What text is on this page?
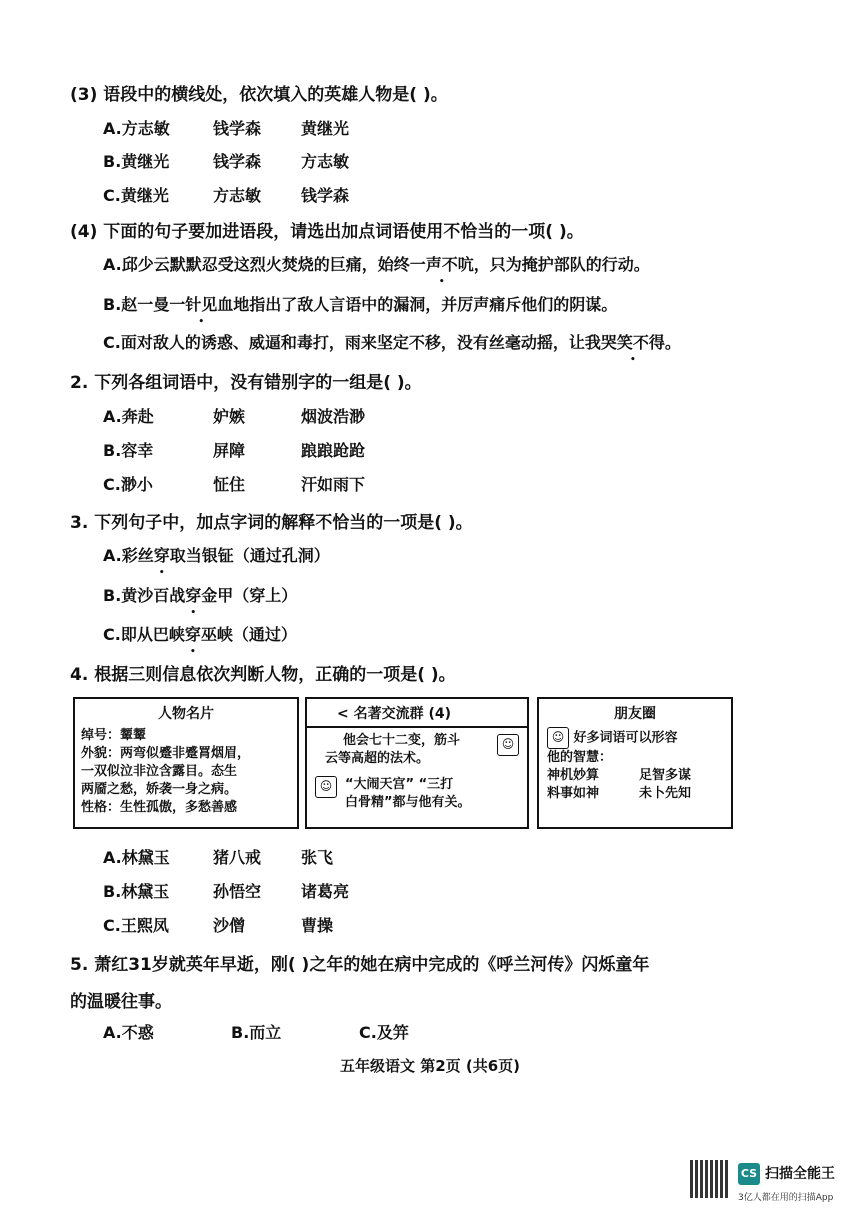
(3) 语段中的横线处，依次填入的英雄人物是( )。
A.方志敏	钱学森 黄继光
B.黄继光	钱学森 方志敏
C.黄继光	方志敏 钱学森
(4) 下面的句子要加进语段，请选出加点词语使用不恰当的一项( )。
A.邱少云默默忍受这烈火焚烧的巨痛，始终一声不吭，只为掩护部队的行动。
B.赵一曼一针见血地指出了敌人言语中的漏洞，并厉声痛斥他们的阴谋。
C.面对敌人的诱惑、威逼和毒打，雨来坚定不移，没有丝毫动摇，让我哭笑不得。
2. 下列各组词语中，没有错别字的一组是( )。
A.奔赴	妒嫉	烟波浩渺
B.容幸	屏障	踉踉跄跄
C.渺小	怔住	汗如雨下
3. 下列句子中，加点字词的解释不恰当的一项是( )。
A.彩丝穿取当银钲（通过孔洞）
B.黄沙百战穿金甲（穿上）
C.即从巴峡穿巫峡（通过）
4. 根据三则信息依次判断人物，正确的一项是( )。
人物名片

绰号：颦颦

外貌：两弯似蹙非蹙罥烟眉，

一双似泣非泣含露目。态生

两靥之愁，娇袭一身之病。

性格：生性孤傲，多愁善感

< 名著交流群 (4)

他会七十二变，筋斗

云等高超的法术。

☺
☺ “大闹天宫” “三打

白骨精”都与他有关。

朋友圈

☺ 好多词语可以形容

他的智慧：

神机妙算	足智多谋

料事如神	未卜先知

A.林黛玉	猪八戒 张飞
B.林黛玉	孙悟空 诸葛亮
C.王熙凤	沙僧	曹操
5. 萧红31岁就英年早逝，刚( )之年的她在病中完成的《呼兰河传》闪烁童年
的温暖往事。
A.不惑	B.而立	C.及笄
五年级语文 第2页 (共6页)
CS 扫描全能王
3亿人都在用的扫描App
